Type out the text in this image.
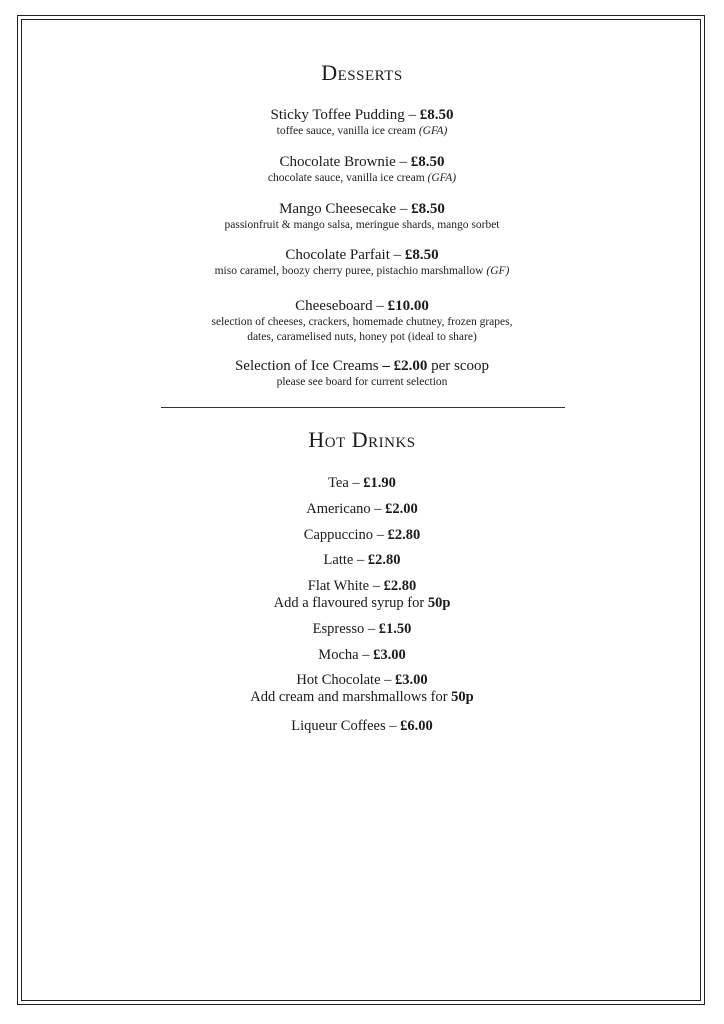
Desserts
Sticky Toffee Pudding – £8.50
toffee sauce, vanilla ice cream (GFA)
Chocolate Brownie – £8.50
chocolate sauce, vanilla ice cream (GFA)
Mango Cheesecake – £8.50
passionfruit & mango salsa, meringue shards, mango sorbet
Chocolate Parfait – £8.50
miso caramel, boozy cherry puree, pistachio marshmallow (GF)
Cheeseboard – £10.00
selection of cheeses, crackers, homemade chutney, frozen grapes,
dates, caramelised nuts, honey pot (ideal to share)
Selection of Ice Creams – £2.00 per scoop
please see board for current selection
Hot Drinks
Tea – £1.90
Americano – £2.00
Cappuccino – £2.80
Latte – £2.80
Flat White – £2.80
Add a flavoured syrup for 50p
Espresso – £1.50
Mocha – £3.00
Hot Chocolate – £3.00
Add cream and marshmallows for 50p
Liqueur Coffees – £6.00
